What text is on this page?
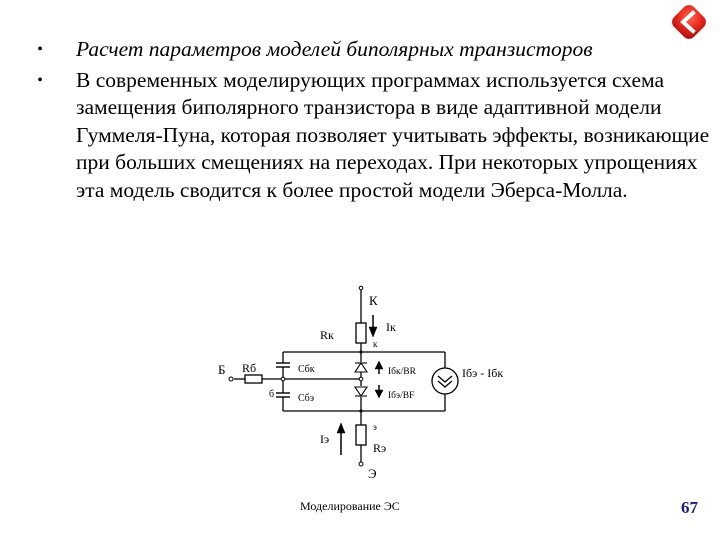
•	Расчет параметров моделей биполярных транзисторов
•	В современных моделирующих программах используется схема замещения биполярного транзистора в виде адаптивной модели Гуммеля-Пуна, которая позволяет учитывать эффекты, возникающие при больших смещениях на переходах. При некоторых упрощениях эта модель сводится к более простой модели Эберса-Молла.
К
Rк
Iк
к
Б Rб
б
Cбк
Cбэ
Iбк/BR
Iбэ/BF
Iбэ - Iбк
Iэ
э
Rэ
Э
Моделирование ЭС	67
